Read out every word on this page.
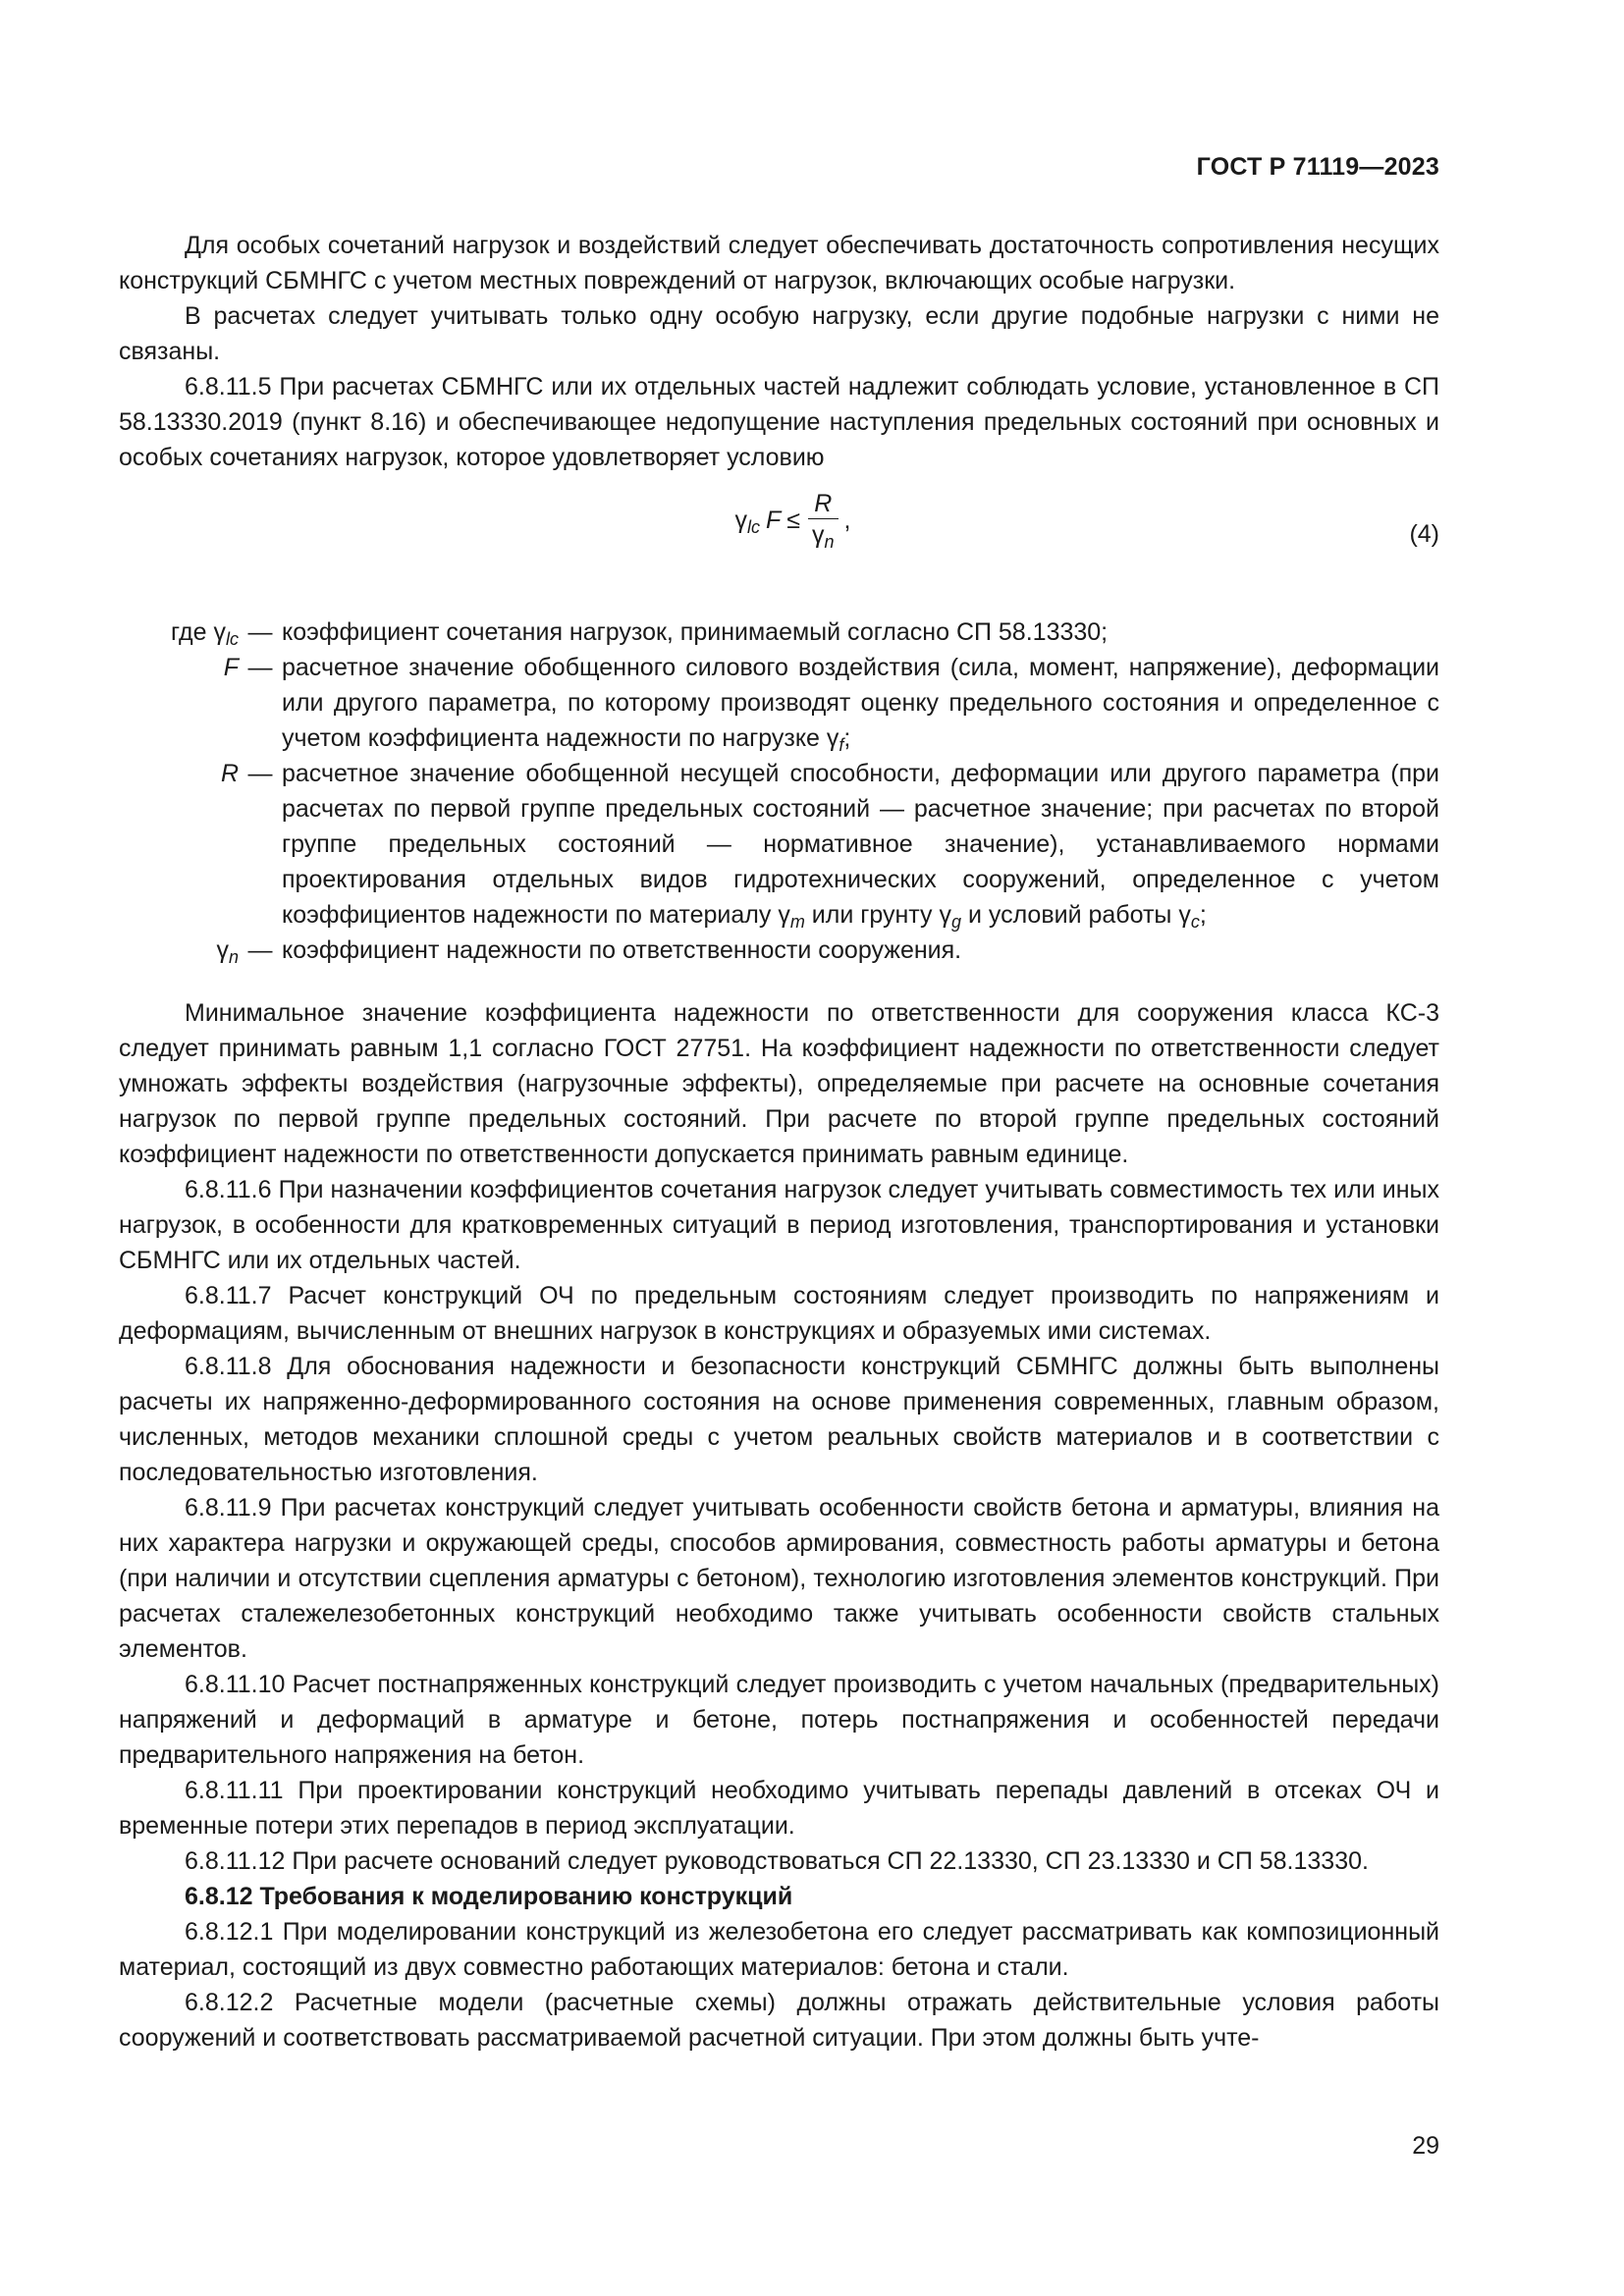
ГОСТ Р 71119—2023

Для особых сочетаний нагрузок и воздействий следует обеспечивать достаточность сопротивления несущих конструкций СБМНГС с учетом местных повреждений от нагрузок, включающих особые нагрузки.

В расчетах следует учитывать только одну особую нагрузку, если другие подобные нагрузки с ними не связаны.

6.8.11.5 При расчетах СБМНГС или их отдельных частей надлежит соблюдать условие, установленное в СП 58.13330.2019 (пункт 8.16) и обеспечивающее недопущение наступления предельных состояний при основных и особых сочетаниях нагрузок, которое удовлетворяет условию

$\gamma_{lc}$ $F \le \frac{R}{\gamma_n}$ ,
(4)
где $\gamma_{lc}$ — коэффициент сочетания нагрузок, принимаемый согласно СП 58.13330;
F — расчетное значение обобщенного силового воздействия (сила, момент, напряжение), деформации или другого параметра, по которому производят оценку предельного состояния и определенное с учетом коэффициента надежности по нагрузке $\gamma_f$;
R — расчетное значение обобщенной несущей способности, деформации или другого параметра (при расчетах по первой группе предельных состояний — расчетное значение; при расчетах по второй группе предельных состояний — нормативное значение), устанавливаемого нормами проектирования отдельных видов гидротехнических сооружений, определенное с учетом коэффициентов надежности по материалу $\gamma_m$ или грунту $\gamma_g$ и условий работы $\gamma_c$;
$\gamma_n$ — коэффициент надежности по ответственности сооружения.

Минимальное значение коэффициента надежности по ответственности для сооружения класса КС-3 следует принимать равным 1,1 согласно ГОСТ 27751. На коэффициент надежности по ответственности следует умножать эффекты воздействия (нагрузочные эффекты), определяемые при расчете на основные сочетания нагрузок по первой группе предельных состояний. При расчете по второй группе предельных состояний коэффициент надежности по ответственности допускается принимать равным единице.

6.8.11.6 При назначении коэффициентов сочетания нагрузок следует учитывать совместимость тех или иных нагрузок, в особенности для кратковременных ситуаций в период изготовления, транспортирования и установки СБМНГС или их отдельных частей.

6.8.11.7 Расчет конструкций ОЧ по предельным состояниям следует производить по напряжениям и деформациям, вычисленным от внешних нагрузок в конструкциях и образуемых ими системах.

6.8.11.8 Для обоснования надежности и безопасности конструкций СБМНГС должны быть выполнены расчеты их напряженно-деформированного состояния на основе применения современных, главным образом, численных, методов механики сплошной среды с учетом реальных свойств материалов и в соответствии с последовательностью изготовления.

6.8.11.9 При расчетах конструкций следует учитывать особенности свойств бетона и арматуры, влияния на них характера нагрузки и окружающей среды, способов армирования, совместность работы арматуры и бетона (при наличии и отсутствии сцепления арматуры с бетоном), технологию изготовления элементов конструкций. При расчетах сталежелезобетонных конструкций необходимо также учитывать особенности свойств стальных элементов.

6.8.11.10 Расчет постнапряженных конструкций следует производить с учетом начальных (предварительных) напряжений и деформаций в арматуре и бетоне, потерь постнапряжения и особенностей передачи предварительного напряжения на бетон.

6.8.11.11 При проектировании конструкций необходимо учитывать перепады давлений в отсеках ОЧ и временные потери этих перепадов в период эксплуатации.

6.8.11.12 При расчете оснований следует руководствоваться СП 22.13330, СП 23.13330 и СП 58.13330.

6.8.12 Требования к моделированию конструкций

6.8.12.1 При моделировании конструкций из железобетона его следует рассматривать как композиционный материал, состоящий из двух совместно работающих материалов: бетона и стали.

6.8.12.2 Расчетные модели (расчетные схемы) должны отражать действительные условия работы сооружений и соответствовать рассматриваемой расчетной ситуации. При этом должны быть учте-

29
